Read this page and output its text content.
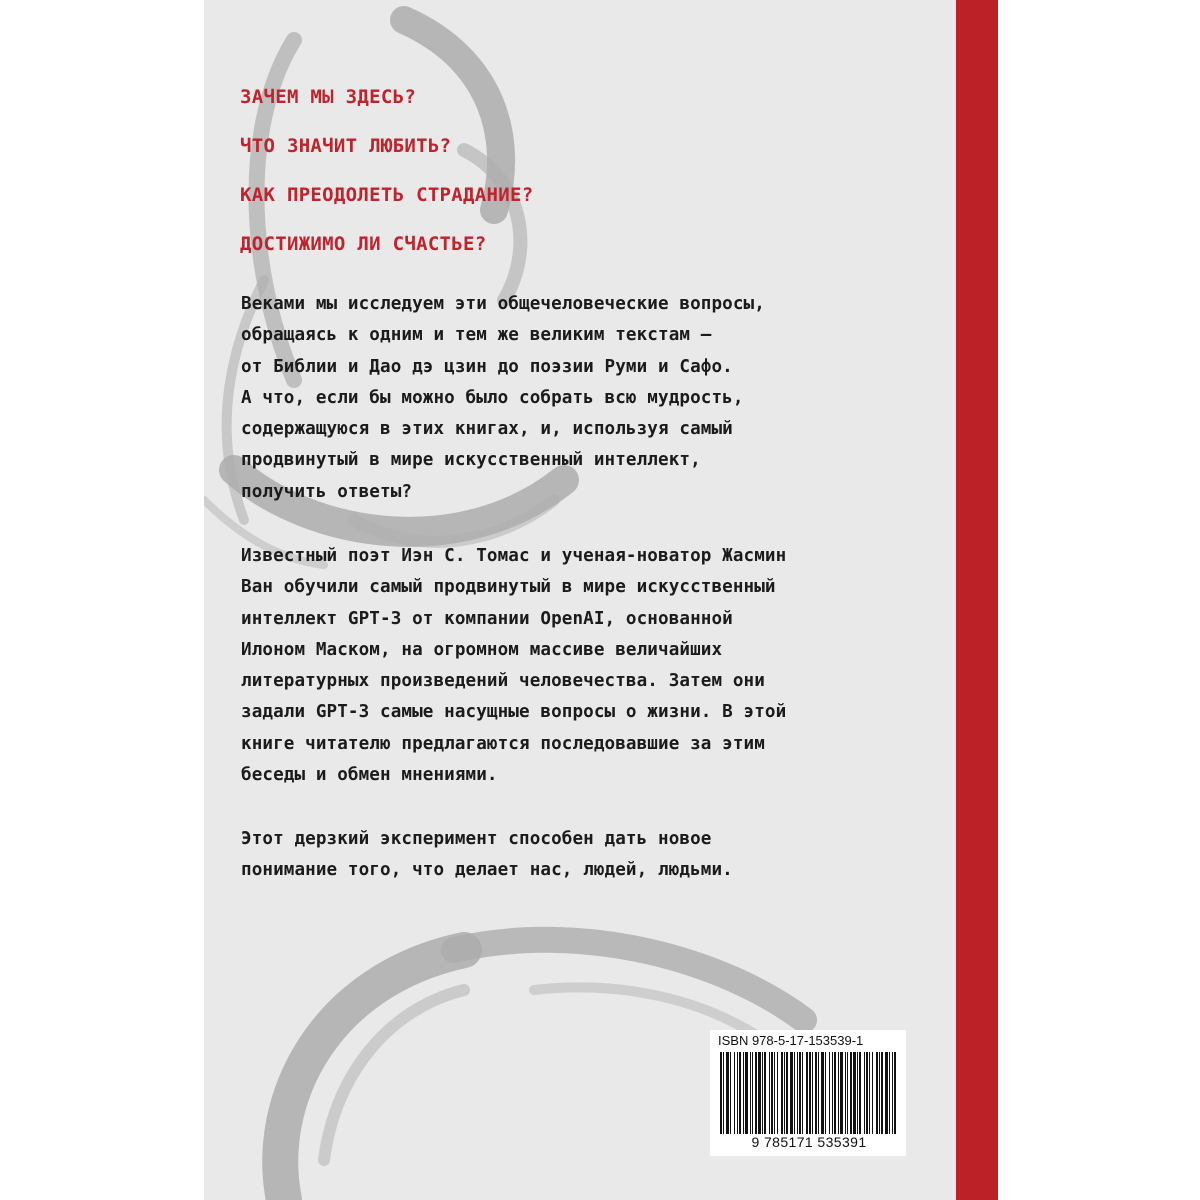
ЗАЧЕМ МЫ ЗДЕСЬ?
ЧТО ЗНАЧИТ ЛЮБИТЬ?
КАК ПРЕОДОЛЕТЬ СТРАДАНИЕ?
ДОСТИЖИМО ЛИ СЧАСТЬЕ?
Веками мы исследуем эти общечеловеческие вопросы,
обращаясь к одним и тем же великим текстам —
от Библии и Дао дэ цзин до поэзии Руми и Сафо.
А что, если бы можно было собрать всю мудрость,
содержащуюся в этих книгах, и, используя самый
продвинутый в мире искусственный интеллект,
получить ответы?
Известный поэт Иэн С. Томас и ученая-новатор Жасмин
Ван обучили самый продвинутый в мире искусственный
интеллект GPT-3 от компании OpenAI, основанной
Илоном Маском, на огромном массиве величайших
литературных произведений человечества. Затем они
задали GPT-3 самые насущные вопросы о жизни. В этой
книге читателю предлагаются последовавшие за этим
беседы и обмен мнениями.
Этот дерзкий эксперимент способен дать новое
понимание того, что делает нас, людей, людьми.
ISBN 978-5-17-153539-1
9 785171 535391
